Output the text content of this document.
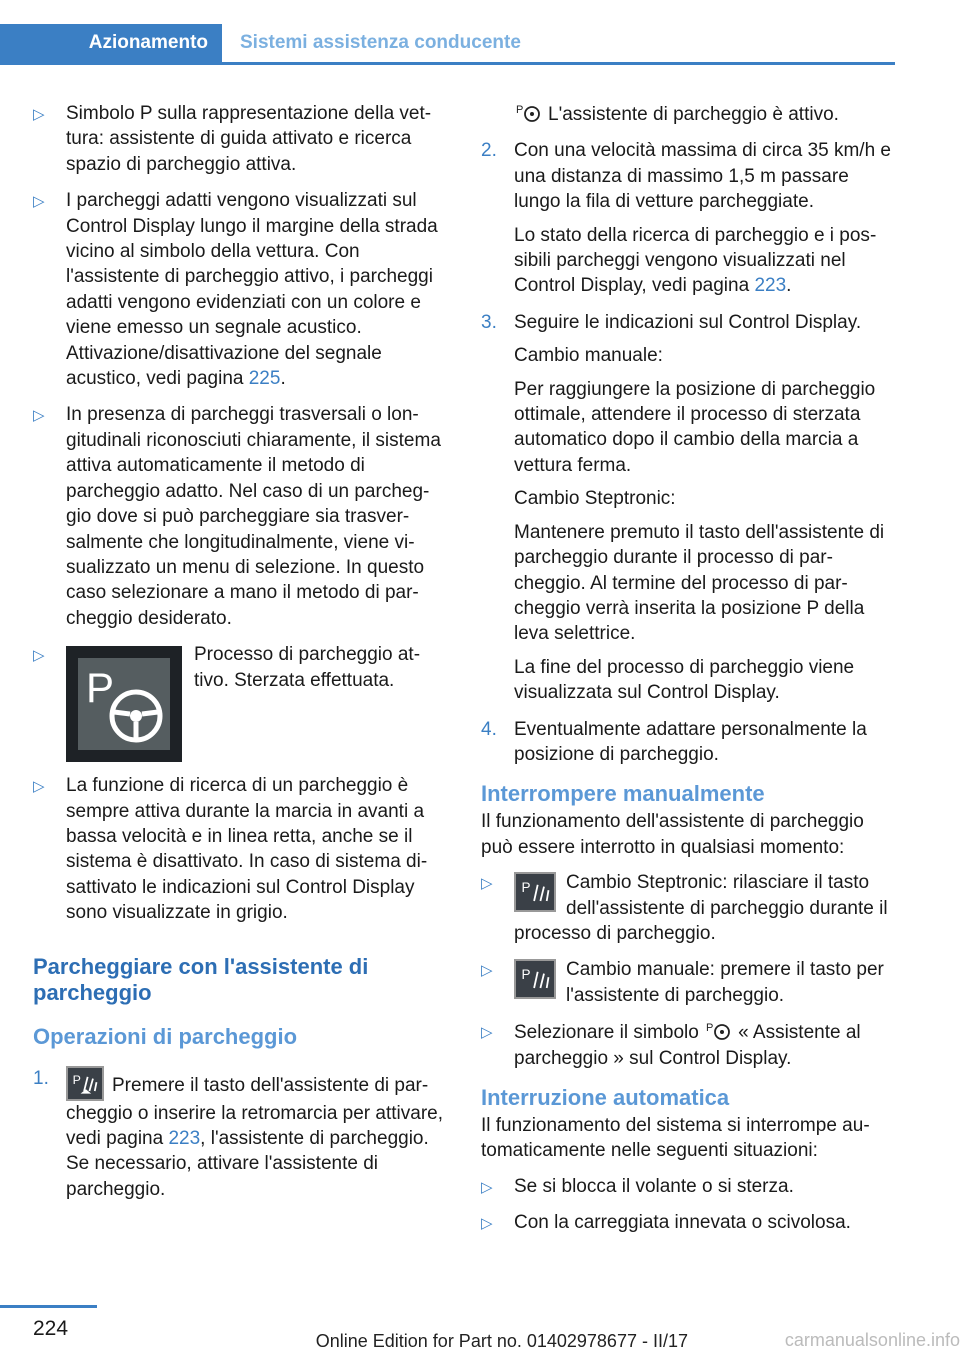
Azionamento	Sistemi assistenza conducente
▷ Simbolo P sulla rappresentazione della vettura: assistente di guida attivato e ricerca spazio di parcheggio attiva.

▷ I parcheggi adatti vengono visualizzati sul Control Display lungo il margine della strada vicino al simbolo della vettura. Con l'assistente di parcheggio attivo, i parcheggi adatti vengono evidenziati con un colore e viene emesso un segnale acustico. Attivazione/disattivazione del segnale acustico, vedi pagina 225.

▷ In presenza di parcheggi trasversali o longitudinali riconosciuti chiaramente, il sistema attiva automaticamente il metodo di parcheggio adatto. Nel caso di un parcheggio dove si può parcheggiare sia trasversalmente che longitudinalmente, viene visualizzato un menu di selezione. In questo caso selezionare a mano il metodo di parcheggio desiderato.

▷
P

Processo di parcheggio attivo. Sterzata effettuata.

▷ La funzione di ricerca di un parcheggio è sempre attiva durante la marcia in avanti a bassa velocità e in linea retta, anche se il sistema è disattivato. In caso di sistema disattivato le indicazioni sul Control Display sono visualizzate in grigio.

Parcheggiare con l'assistente di parcheggio
Operazioni di parcheggio
1. P Premere il tasto dell'assistente di parcheggio o inserire la retromarcia per attivare, vedi pagina 223, l'assistente di parcheggio. Se necessario, attivare l'assistente di parcheggio.

P L'assistente di parcheggio è attivo.

2. Con una velocità massima di circa 35 km/h e una distanza di massimo 1,5 m passare lungo la fila di vetture parcheggiate.

Lo stato della ricerca di parcheggio e i possibili parcheggi vengono visualizzati nel Control Display, vedi pagina 223.

3. Seguire le indicazioni sul Control Display.

Cambio manuale:

Per raggiungere la posizione di parcheggio ottimale, attendere il processo di sterzata automatico dopo il cambio della marcia a vettura ferma.

Cambio Steptronic:

Mantenere premuto il tasto dell'assistente di parcheggio durante il processo di parcheggio. Al termine del processo di parcheggio verrà inserita la posizione P della leva selettrice.

La fine del processo di parcheggio viene visualizzata sul Control Display.

4. Eventualmente adattare personalmente la posizione di parcheggio.

Interrompere manualmente

Il funzionamento dell'assistente di parcheggio può essere interrotto in qualsiasi momento:

▷ P	Cambio Steptronic: rilasciare il tasto dell'assistente di parcheggio durante il processo di parcheggio.

▷ P	Cambio manuale: premere il tasto per l'assistente di parcheggio.

▷ Selezionare il simbolo P « Assistente al parcheggio » sul Control Display.

Interruzione automatica

Il funzionamento del sistema si interrompe automaticamente nelle seguenti situazioni:

▷ Se si blocca il volante o si sterza.

▷ Con la carreggiata innevata o scivolosa.

224
Online Edition for Part no. 01402978677 - II/17	carmanualsonline.info
